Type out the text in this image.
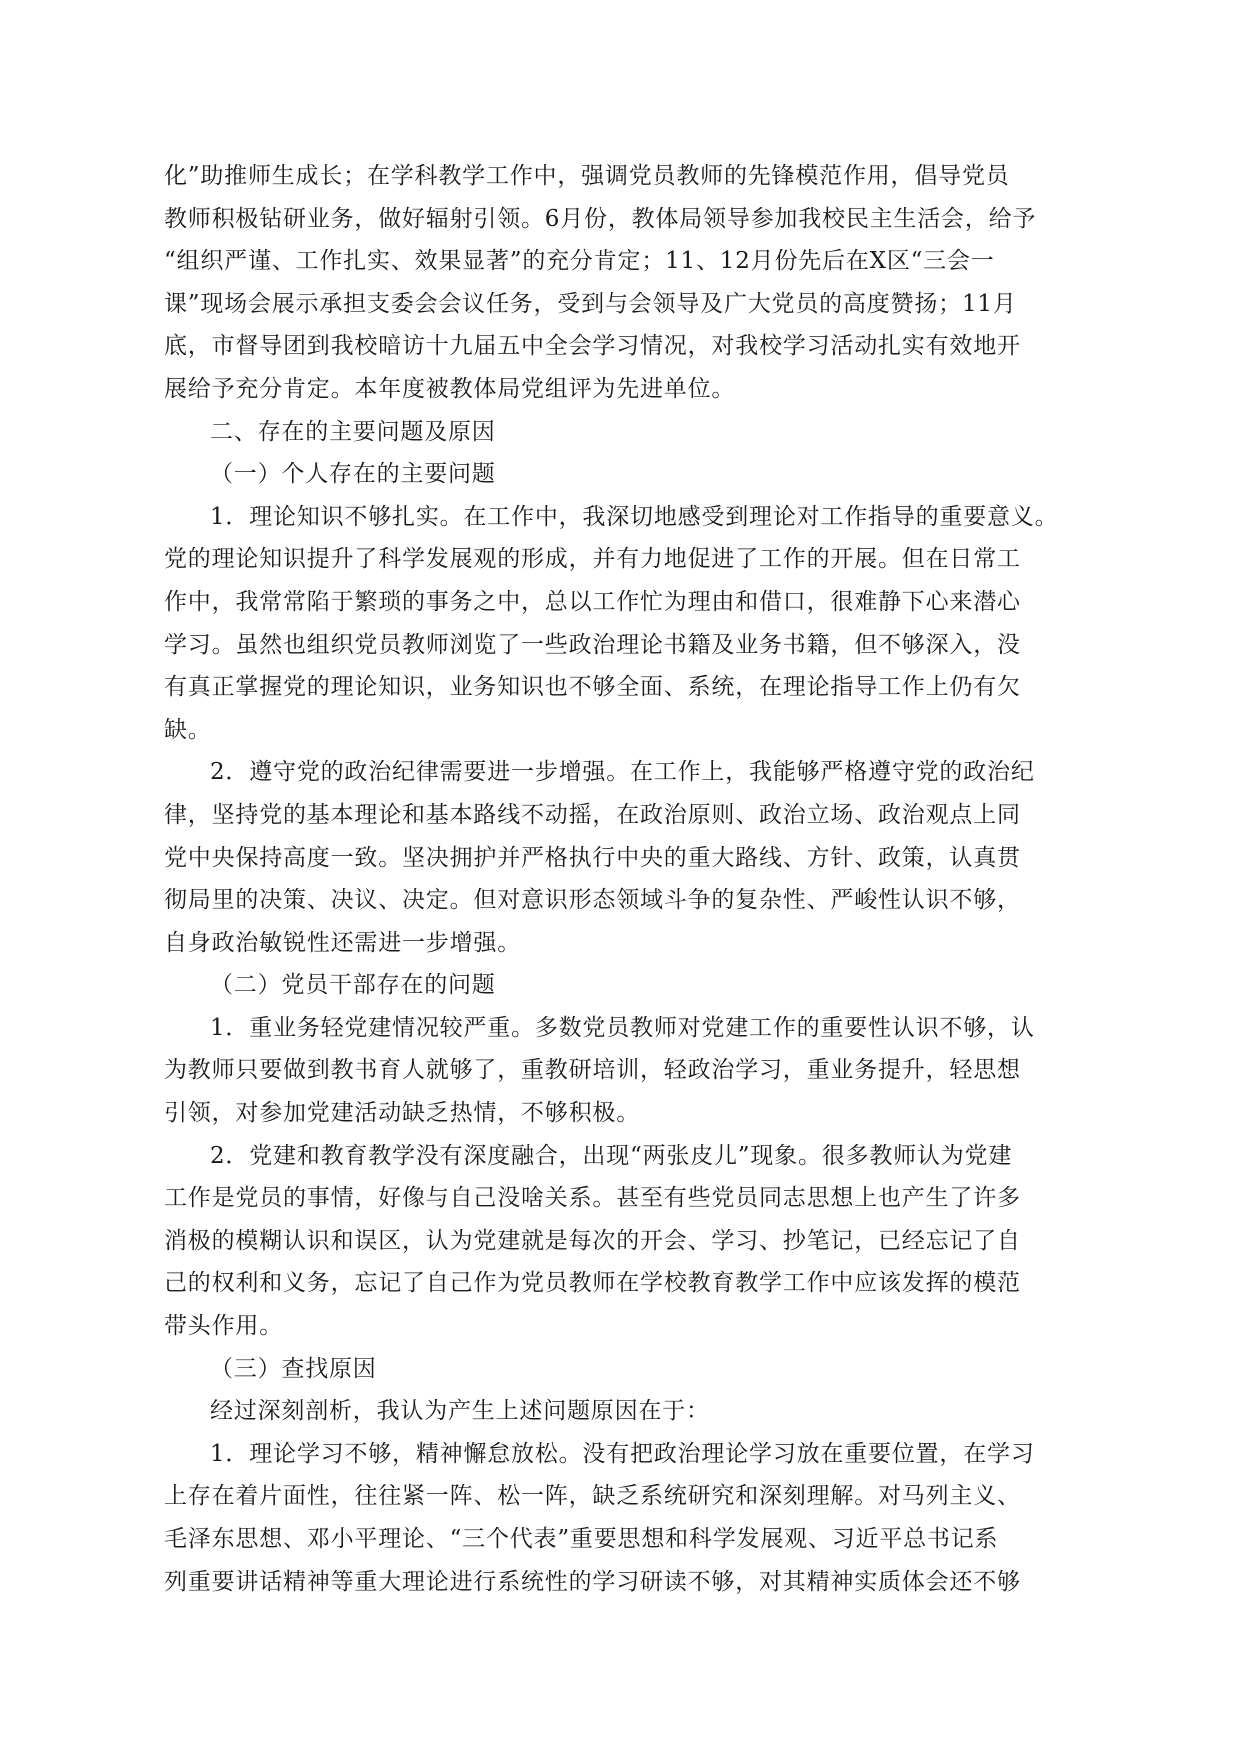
化”助推师生成长；在学科教学工作中，强调党员教师的先锋模范作用，倡导党员
教师积极钻研业务，做好辐射引领。6月份，教体局领导参加我校民主生活会，给予
“组织严谨、工作扎实、效果显著”的充分肯定；11、12月份先后在X区“三会一
课”现场会展示承担支委会会议任务，受到与会领导及广大党员的高度赞扬；11月
底，市督导团到我校暗访十九届五中全会学习情况，对我校学习活动扎实有效地开
展给予充分肯定。本年度被教体局党组评为先进单位。

二、存在的主要问题及原因

（一）个人存在的主要问题

1．理论知识不够扎实。在工作中，我深切地感受到理论对工作指导的重要意义。
党的理论知识提升了科学发展观的形成，并有力地促进了工作的开展。但在日常工
作中，我常常陷于繁琐的事务之中，总以工作忙为理由和借口，很难静下心来潜心
学习。虽然也组织党员教师浏览了一些政治理论书籍及业务书籍，但不够深入，没
有真正掌握党的理论知识，业务知识也不够全面、系统，在理论指导工作上仍有欠
缺。

2．遵守党的政治纪律需要进一步增强。在工作上，我能够严格遵守党的政治纪
律，坚持党的基本理论和基本路线不动摇，在政治原则、政治立场、政治观点上同
党中央保持高度一致。坚决拥护并严格执行中央的重大路线、方针、政策，认真贯
彻局里的决策、决议、决定。但对意识形态领域斗争的复杂性、严峻性认识不够，
自身政治敏锐性还需进一步增强。

（二）党员干部存在的问题

1．重业务轻党建情况较严重。多数党员教师对党建工作的重要性认识不够，认
为教师只要做到教书育人就够了，重教研培训，轻政治学习，重业务提升，轻思想
引领，对参加党建活动缺乏热情，不够积极。

2．党建和教育教学没有深度融合，出现“两张皮儿”现象。很多教师认为党建
工作是党员的事情，好像与自己没啥关系。甚至有些党员同志思想上也产生了许多
消极的模糊认识和误区，认为党建就是每次的开会、学习、抄笔记，已经忘记了自
己的权利和义务，忘记了自己作为党员教师在学校教育教学工作中应该发挥的模范
带头作用。

（三）查找原因

经过深刻剖析，我认为产生上述问题原因在于：

1．理论学习不够，精神懈怠放松。没有把政治理论学习放在重要位置，在学习
上存在着片面性，往往紧一阵、松一阵，缺乏系统研究和深刻理解。对马列主义、
毛泽东思想、邓小平理论、“三个代表”重要思想和科学发展观、习近平总书记系
列重要讲话精神等重大理论进行系统性的学习研读不够，对其精神实质体会还不够
